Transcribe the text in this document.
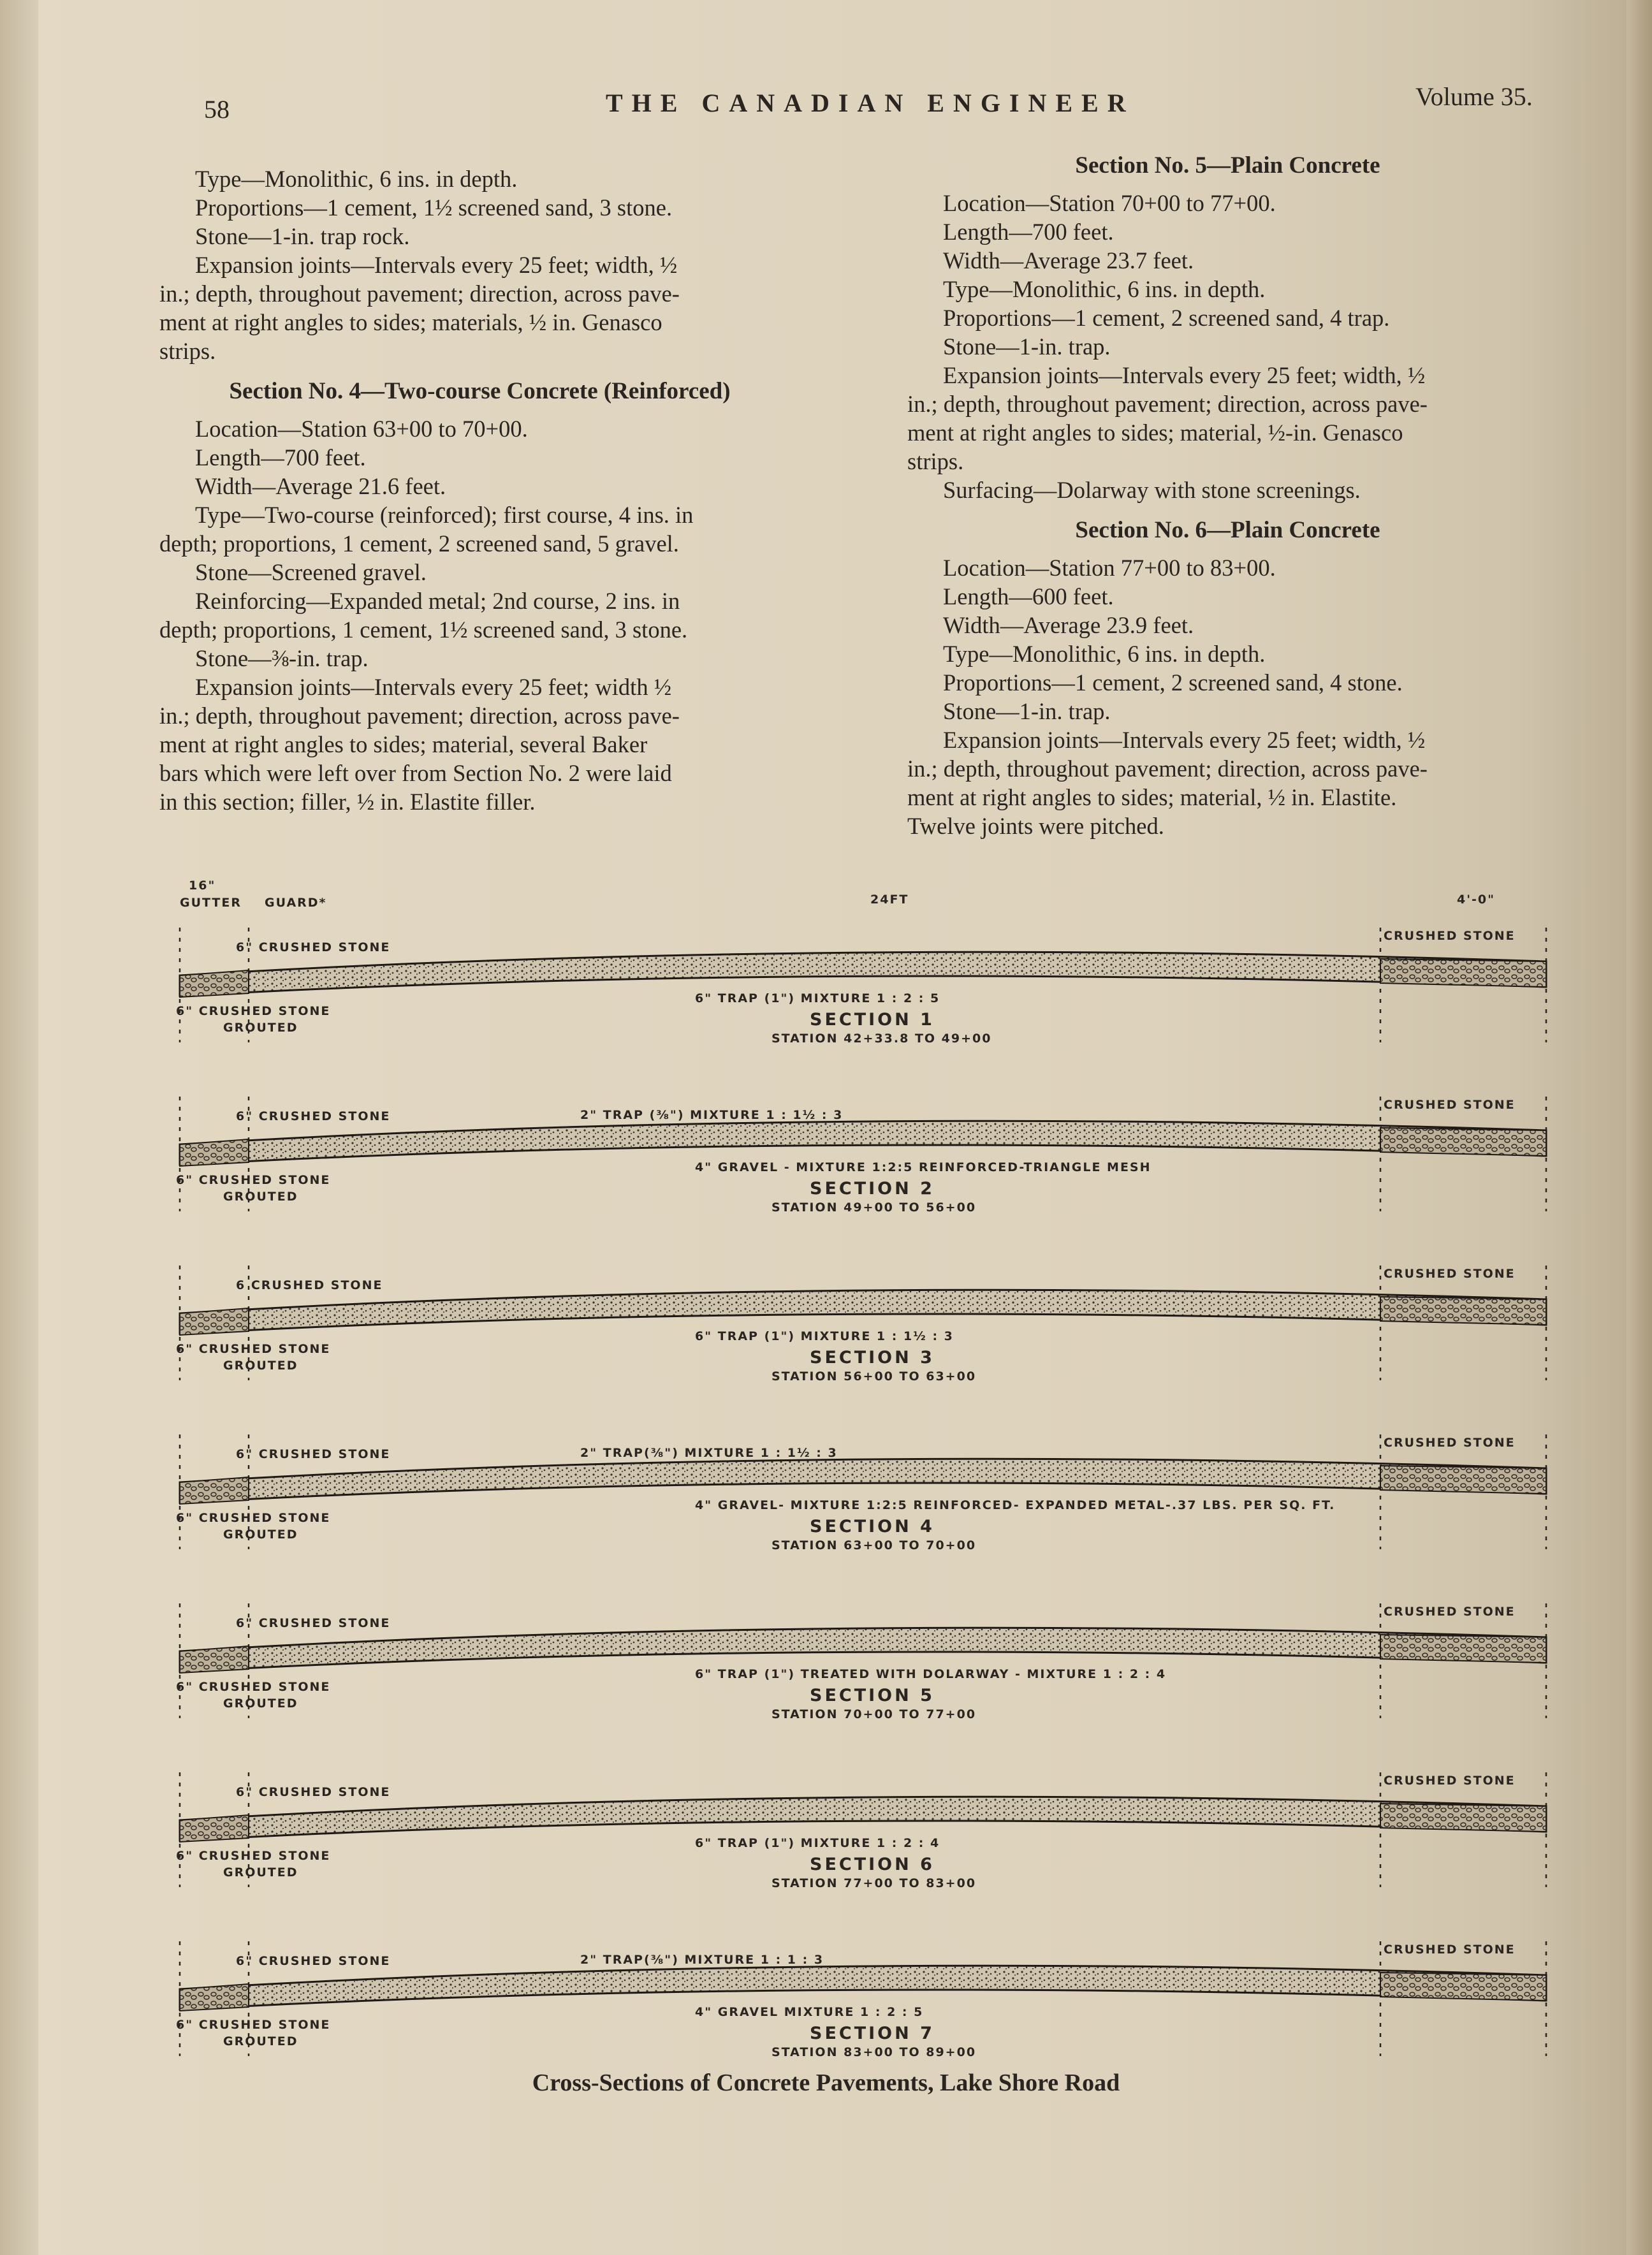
58	THE CANADIAN ENGINEER	Volume 35.

Type—Monolithic, 6 ins. in depth.

Proportions—1 cement, 1½ screened sand, 3 stone.

Stone—1-in. trap rock.

Expansion joints—Intervals every 25 feet; width, ½

in.; depth, throughout pavement; direction, across pave-

ment at right angles to sides; materials, ½ in. Genasco

strips.

Section No. 4—Two-course Concrete (Reinforced)

Location—Station 63+00 to 70+00.

Length—700 feet.

Width—Average 21.6 feet.

Type—Two-course (reinforced); first course, 4 ins. in

depth; proportions, 1 cement, 2 screened sand, 5 gravel.

Stone—Screened gravel.

Reinforcing—Expanded metal; 2nd course, 2 ins. in

depth; proportions, 1 cement, 1½ screened sand, 3 stone.

Stone—⅜-in. trap.

Expansion joints—Intervals every 25 feet; width ½

in.; depth, throughout pavement; direction, across pave-

ment at right angles to sides; material, several Baker

bars which were left over from Section No. 2 were laid

in this section; filler, ½ in. Elastite filler.

Section No. 5—Plain Concrete

Location—Station 70+00 to 77+00.

Length—700 feet.

Width—Average 23.7 feet.

Type—Monolithic, 6 ins. in depth.

Proportions—1 cement, 2 screened sand, 4 trap.

Stone—1-in. trap.

Expansion joints—Intervals every 25 feet; width, ½

in.; depth, throughout pavement; direction, across pave-

ment at right angles to sides; material, ½-in. Genasco

strips.

Surfacing—Dolarway with stone screenings.

Section No. 6—Plain Concrete

Location—Station 77+00 to 83+00.

Length—600 feet.

Width—Average 23.9 feet.

Type—Monolithic, 6 ins. in depth.

Proportions—1 cement, 2 screened sand, 4 stone.

Stone—1-in. trap.

Expansion joints—Intervals every 25 feet; width, ½

in.; depth, throughout pavement; direction, across pave-

ment at right angles to sides; material, ½ in. Elastite.

Twelve joints were pitched.

16"
GUTTER GUARD*	24FT	4'-0"
6" CRUSHED STONE
CRUSHED STONE
6" CRUSHED STONE
GROUTED
6" TRAP (1") MIXTURE 1 : 2 : 5
SECTION 1
STATION 42+33.8 TO 49+00
6" CRUSHED STONE	2" TRAP (⅜") MIXTURE 1 : 1½ : 3
CRUSHED STONE
6" CRUSHED STONE
GROUTED
4" GRAVEL - MIXTURE 1:2:5 REINFORCED-TRIANGLE MESH
SECTION 2
STATION 49+00 TO 56+00
6 CRUSHED STONE
CRUSHED STONE
6" CRUSHED STONE
GROUTED
6" TRAP (1") MIXTURE 1 : 1½ : 3
SECTION 3
STATION 56+00 TO 63+00
6" CRUSHED STONE	2" TRAP(⅜") MIXTURE 1 : 1½ : 3
CRUSHED STONE
6" CRUSHED STONE
GROUTED
4" GRAVEL- MIXTURE 1:2:5 REINFORCED- EXPANDED METAL-.37 LBS. PER SQ. FT.
SECTION 4
STATION 63+00 TO 70+00
6" CRUSHED STONE
CRUSHED STONE
6" CRUSHED STONE
GROUTED
6" TRAP (1") TREATED WITH DOLARWAY - MIXTURE 1 : 2 : 4
SECTION 5
STATION 70+00 TO 77+00
6" CRUSHED STONE
CRUSHED STONE
6" CRUSHED STONE
GROUTED
6" TRAP (1") MIXTURE 1 : 2 : 4
SECTION 6
STATION 77+00 TO 83+00
6" CRUSHED STONE	2" TRAP(⅜") MIXTURE 1 : 1 : 3
CRUSHED STONE
6" CRUSHED STONE
GROUTED
4" GRAVEL MIXTURE 1 : 2 : 5
SECTION 7
STATION 83+00 TO 89+00
Cross-Sections of Concrete Pavements, Lake Shore Road
